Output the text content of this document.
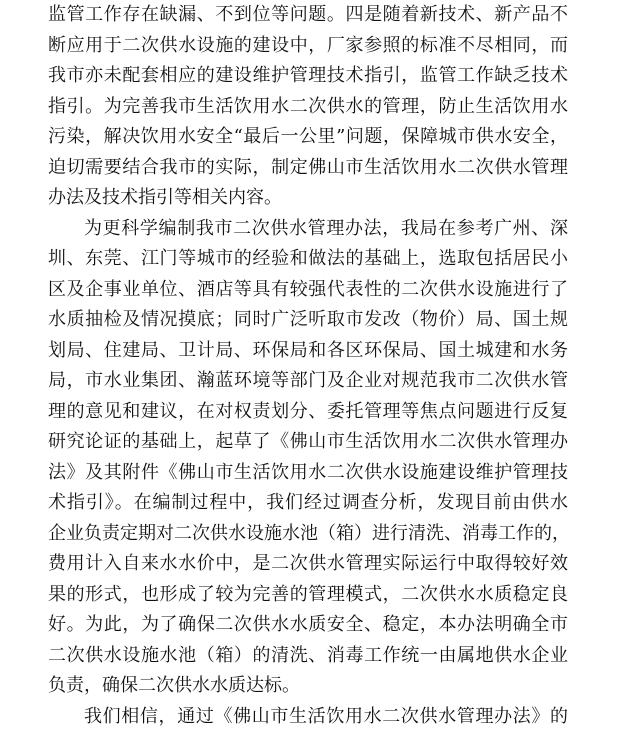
监管工作存在缺漏、不到位等问题。四是随着新技术、新产品不
断应用于二次供水设施的建设中，厂家参照的标准不尽相同，而
我市亦未配套相应的建设维护管理技术指引，监管工作缺乏技术
指引。为完善我市生活饮用水二次供水的管理，防止生活饮用水
污染，解决饮用水安全“最后一公里”问题，保障城市供水安全，
迫切需要结合我市的实际，制定佛山市生活饮用水二次供水管理
办法及技术指引等相关内容。
为更科学编制我市二次供水管理办法，我局在参考广州、深
圳、东莞、江门等城市的经验和做法的基础上，选取包括居民小
区及企事业单位、酒店等具有较强代表性的二次供水设施进行了
水质抽检及情况摸底；同时广泛听取市发改（物价）局、国土规
划局、住建局、卫计局、环保局和各区环保局、国土城建和水务
局，市水业集团、瀚蓝环境等部门及企业对规范我市二次供水管
理的意见和建议，在对权责划分、委托管理等焦点问题进行反复
研究论证的基础上，起草了《佛山市生活饮用水二次供水管理办
法》及其附件《佛山市生活饮用水二次供水设施建设维护管理技
术指引》。在编制过程中，我们经过调查分析，发现目前由供水
企业负责定期对二次供水设施水池（箱）进行清洗、消毒工作的，
费用计入自来水水价中，是二次供水管理实际运行中取得较好效
果的形式，也形成了较为完善的管理模式，二次供水水质稳定良
好。为此，为了确保二次供水水质安全、稳定，本办法明确全市
二次供水设施水池（箱）的清洗、消毒工作统一由属地供水企业
负责，确保二次供水水质达标。
我们相信，通过《佛山市生活饮用水二次供水管理办法》的
